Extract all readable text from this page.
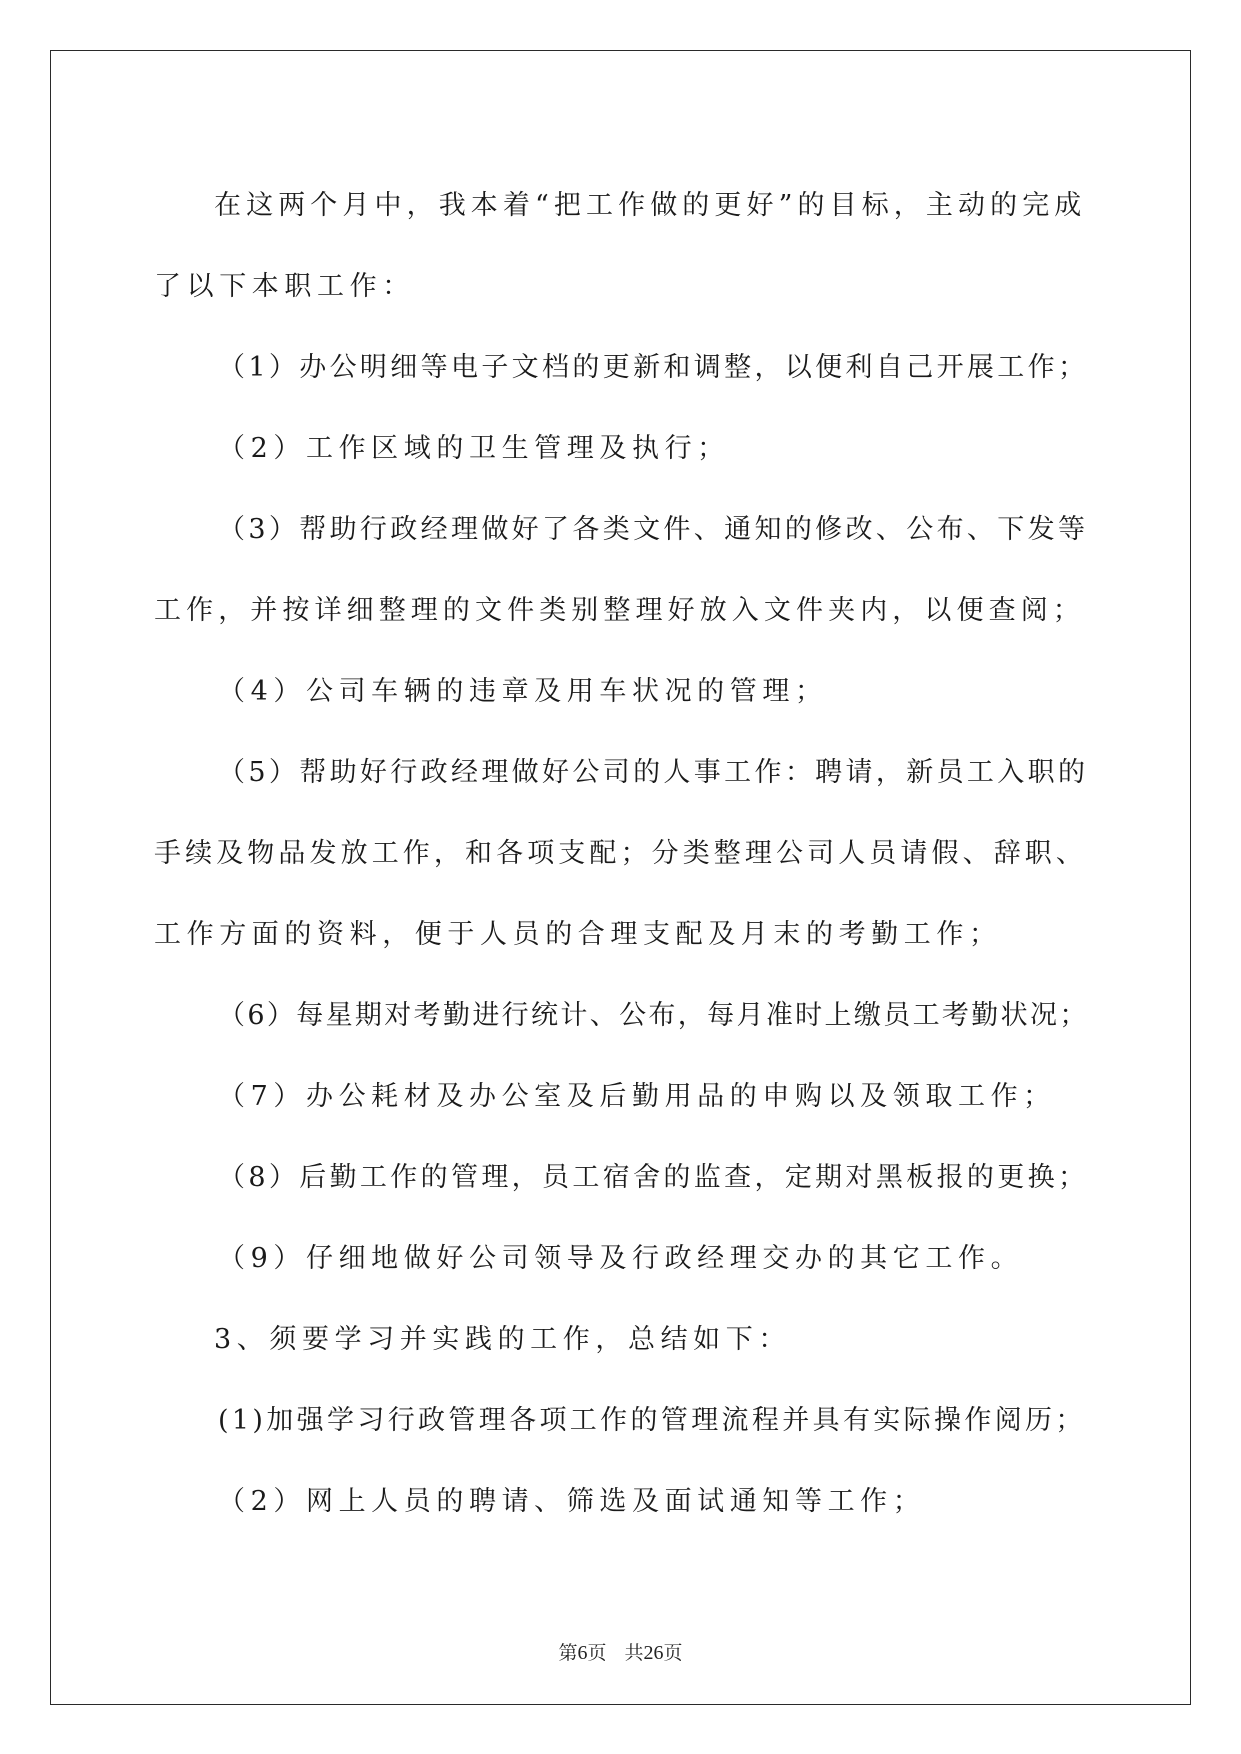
在这两个月中，我本着“把工作做的更好”的目标，主动的完成
了以下本职工作：
（1）办公明细等电子文档的更新和调整，以便利自己开展工作；
（2）工作区域的卫生管理及执行；
（3）帮助行政经理做好了各类文件、通知的修改、公布、下发等
工作，并按详细整理的文件类别整理好放入文件夹内，以便查阅；
（4）公司车辆的违章及用车状况的管理；
（5）帮助好行政经理做好公司的人事工作：聘请，新员工入职的
手续及物品发放工作，和各项支配；分类整理公司人员请假、辞职、
工作方面的资料，便于人员的合理支配及月末的考勤工作；
（6）每星期对考勤进行统计、公布，每月准时上缴员工考勤状况；
（7）办公耗材及办公室及后勤用品的申购以及领取工作；
（8）后勤工作的管理，员工宿舍的监查，定期对黑板报的更换；
（9）仔细地做好公司领导及行政经理交办的其它工作。
3、须要学习并实践的工作，总结如下：
(1)加强学习行政管理各项工作的管理流程并具有实际操作阅历；
（2）网上人员的聘请、筛选及面试通知等工作；
第6页 共26页
